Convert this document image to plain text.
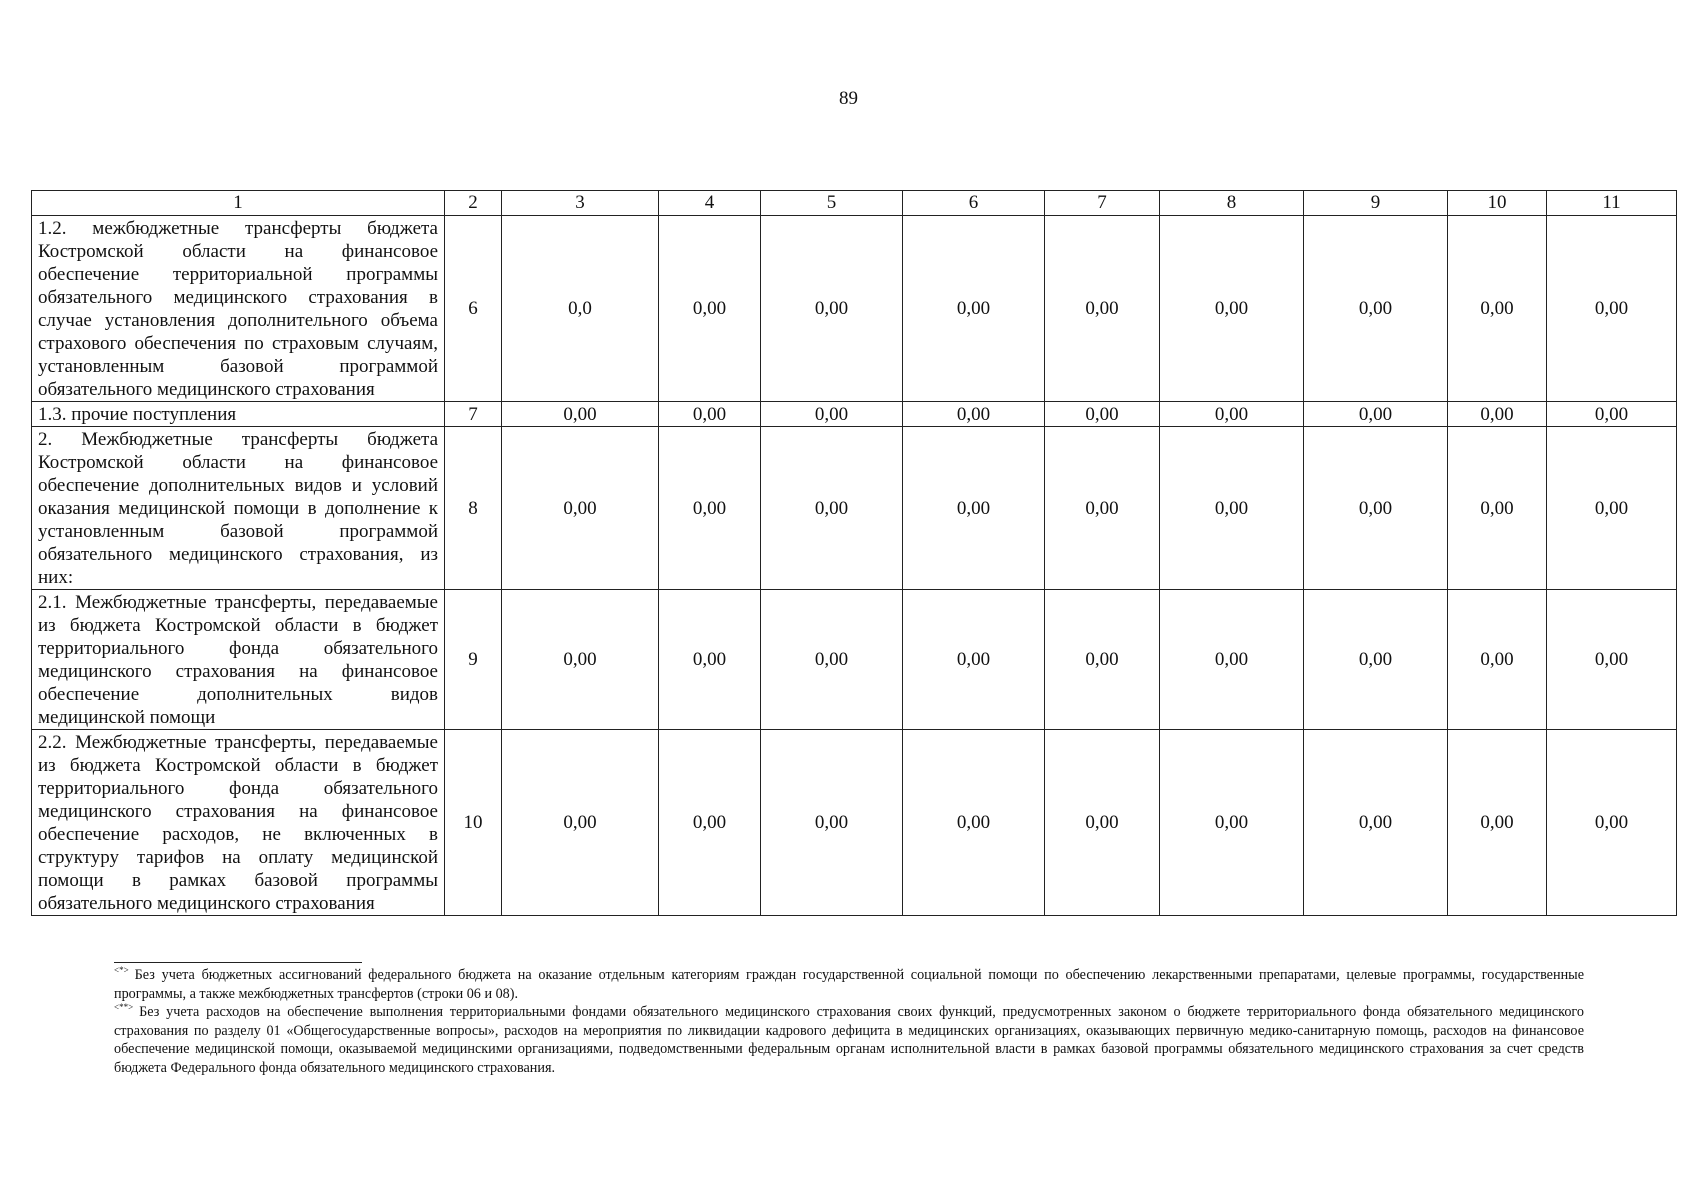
89
1	2	3	4	5	6	7	8	9	10	11
1.2. межбюджетные трансферты бюджета Костромской области на финансовое обеспечение территориальной программы обязательного медицинского страхования в случае установления дополнительного объема страхового обеспечения по страховым случаям, установленным базовой программой обязательного медицинского страхования	6	0,0	0,00	0,00	0,00	0,00	0,00	0,00	0,00	0,00
1.3. прочие поступления	7	0,00	0,00	0,00	0,00	0,00	0,00	0,00	0,00	0,00
2. Межбюджетные трансферты бюджета Костромской области на финансовое обеспечение дополнительных видов и условий оказания медицинской помощи в дополнение к установленным базовой программой обязательного медицинского страхования, из них:	8	0,00	0,00	0,00	0,00	0,00	0,00	0,00	0,00	0,00
2.1. Межбюджетные трансферты, передаваемые из бюджета Костромской области в бюджет территориального фонда обязательного медицинского страхования на финансовое обеспечение дополнительных видов медицинской помощи	9	0,00	0,00	0,00	0,00	0,00	0,00	0,00	0,00	0,00
2.2. Межбюджетные трансферты, передаваемые из бюджета Костромской области в бюджет территориального фонда обязательного медицинского страхования на финансовое обеспечение расходов, не включенных в структуру тарифов на оплату медицинской помощи в рамках базовой программы обязательного медицинского страхования	10	0,00	0,00	0,00	0,00	0,00	0,00	0,00	0,00	0,00

<*> Без учета бюджетных ассигнований федерального бюджета на оказание отдельным категориям граждан государственной социальной помощи по обеспечению лекарственными препаратами, целевые программы, государственные программы, а также межбюджетных трансфертов (строки 06 и 08).

<**> Без учета расходов на обеспечение выполнения территориальными фондами обязательного медицинского страхования своих функций, предусмотренных законом о бюджете территориального фонда обязательного медицинского страхования по разделу 01 «Общегосударственные вопросы», расходов на мероприятия по ликвидации кадрового дефицита в медицинских организациях, оказывающих первичную медико-санитарную помощь, расходов на финансовое обеспечение медицинской помощи, оказываемой медицинскими организациями, подведомственными федеральным органам исполнительной власти в рамках базовой программы обязательного медицинского страхования за счет средств бюджета Федерального фонда обязательного медицинского страхования.
